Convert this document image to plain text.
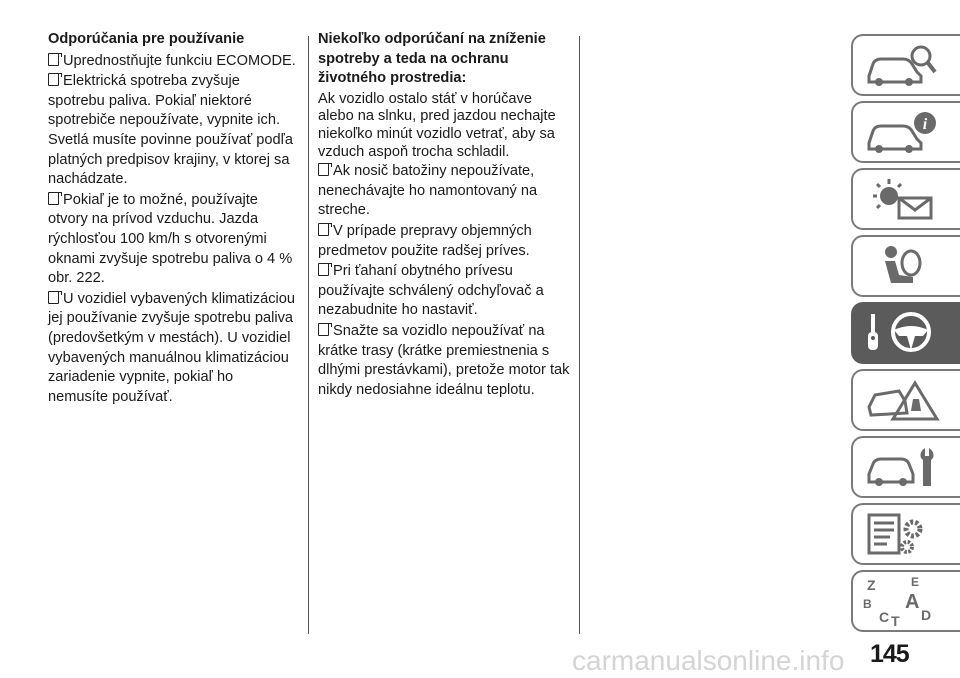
Odporúčania pre používanie

Uprednostňujte funkciu ECOMODE.

Elektrická spotreba zvyšuje spotrebu paliva. Pokiaľ niektoré spotrebiče nepoužívate, vypnite ich. Svetlá musíte povinne používať podľa platných predpisov krajiny, v ktorej sa nachádzate.

Pokiaľ je to možné, používajte otvory na prívod vzduchu. Jazda rýchlosťou 100 km/h s otvorenými oknami zvyšuje spotrebu paliva o 4 % obr. 222.

U vozidiel vybavených klimatizáciou jej používanie zvyšuje spotrebu paliva (predovšetkým v mestách). U vozidiel vybavených manuálnou klimatizáciou zariadenie vypnite, pokiaľ ho nemusíte používať.

Niekoľko odporúčaní na zníženie spotreby a teda na ochranu životného prostredia:

Ak vozidlo ostalo stáť v horúčave alebo na slnku, pred jazdou nechajte niekoľko minút vozidlo vetrať, aby sa vzduch aspoň trocha schladil.

Ak nosič batožiny nepoužívate, nenechávajte ho namontovaný na streche.

V prípade prepravy objemných predmetov použite radšej príves.

Pri ťahaní obytného prívesu používajte schválený odchyľovač a nezabudnite ho nastaviť.

Snažte sa vozidlo nepoužívať na krátke trasy (krátke premiestnenia s dlhými prestávkami), pretože motor tak nikdy nedosiahne ideálnu teplotu.

i
Z	E
B A
C T D
carmanualsonline.info 145
